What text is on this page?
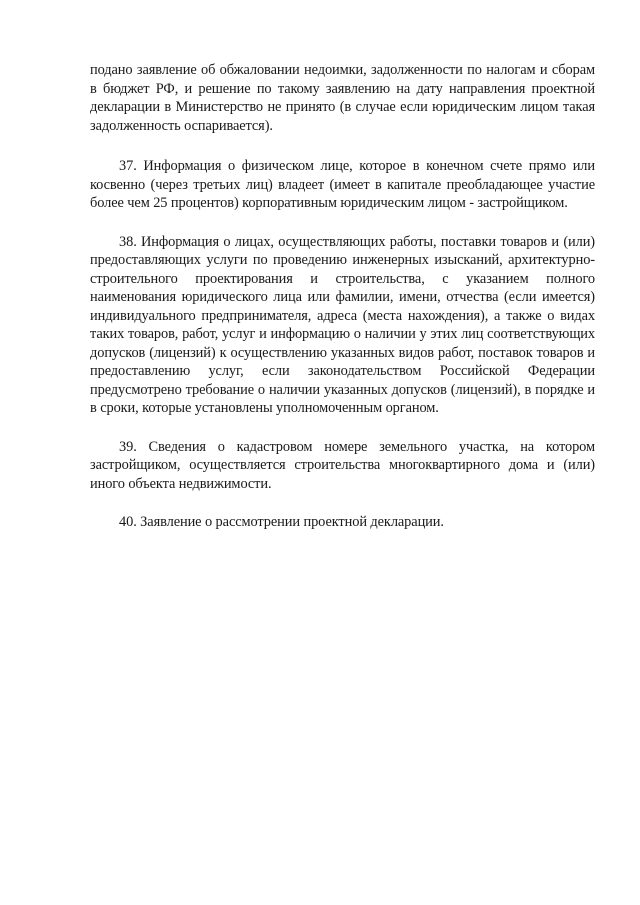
подано заявление об обжаловании недоимки, задолженности по налогам и сборам в бюджет РФ, и решение по такому заявлению на дату направления проектной декларации в Министерство не принято (в случае если юридическим лицом такая задолженность оспаривается).

37. Информация о физическом лице, которое в конечном счете прямо или косвенно (через третьих лиц) владеет (имеет в капитале преобладающее участие более чем 25 процентов) корпоративным юридическим лицом - застройщиком.

38. Информация о лицах, осуществляющих работы, поставки товаров и (или) предоставляющих услуги по проведению инженерных изысканий, архитектурно-строительного проектирования и строительства, с указанием полного наименования юридического лица или фамилии, имени, отчества (если имеется) индивидуального предпринимателя, адреса (места нахождения), а также о видах таких товаров, работ, услуг и информацию о наличии у этих лиц соответствующих допусков (лицензий) к осуществлению указанных видов работ, поставок товаров и предоставлению услуг, если законодательством Российской Федерации предусмотрено требование о наличии указанных допусков (лицензий), в порядке и в сроки, которые установлены уполномоченным органом.

39. Сведения о кадастровом номере земельного участка, на котором застройщиком, осуществляется строительства многоквартирного дома и (или) иного объекта недвижимости.

40. Заявление о рассмотрении проектной декларации.
